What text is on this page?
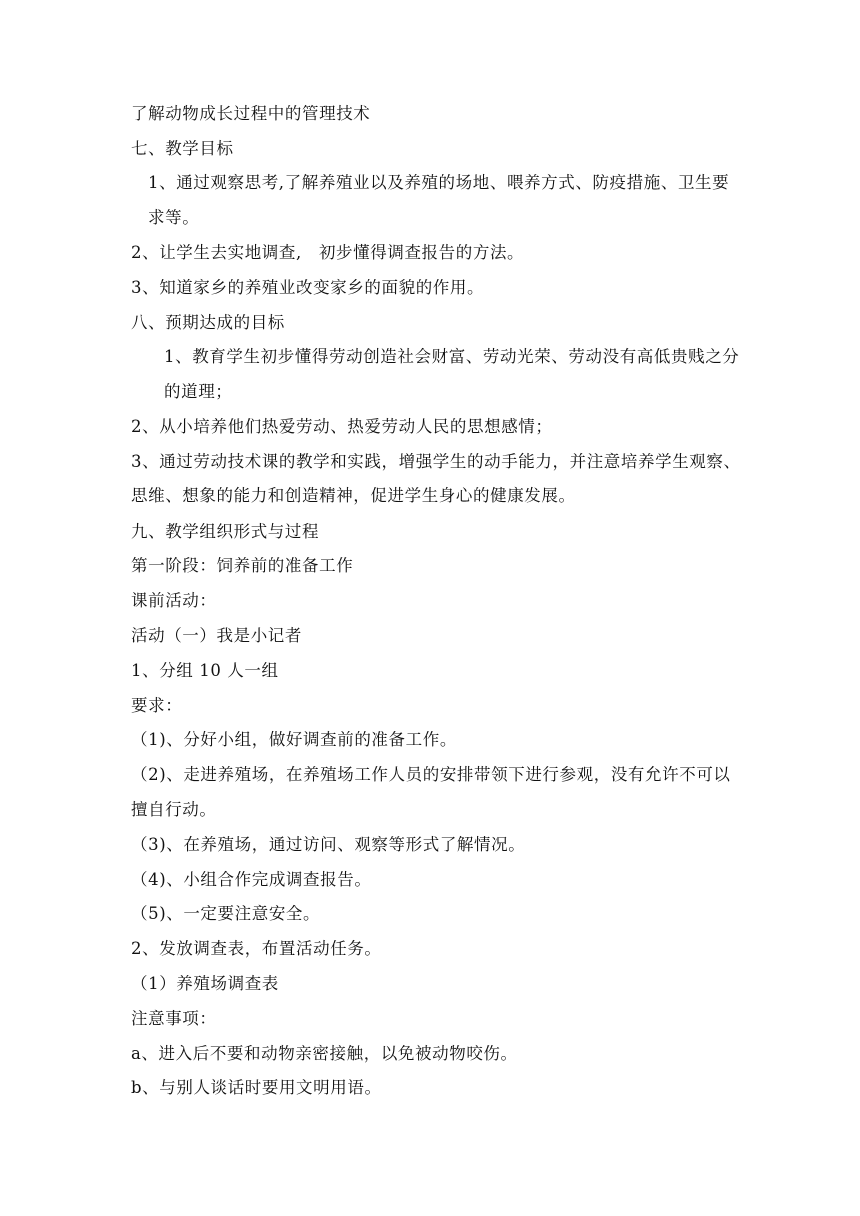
了解动物成长过程中的管理技术

七、教学目标

1、通过观察思考,了解养殖业以及养殖的场地、喂养方式、防疫措施、卫生要　求等。

2、让学生去实地调查,　初步懂得调查报告的方法。

3、知道家乡的养殖业改变家乡的面貌的作用。

八、预期达成的目标

1、教育学生初步懂得劳动创造社会财富、劳动光荣、劳动没有高低贵贱之分的道理；

2、从小培养他们热爱劳动、热爱劳动人民的思想感情；

3、通过劳动技术课的教学和实践，增强学生的动手能力，并注意培养学生观察、思维、想象的能力和创造精神，促进学生身心的健康发展。

九、教学组织形式与过程

第一阶段：饲养前的准备工作

课前活动：

活动（一）我是小记者

1、分组 10 人一组

要求：

（1)、分好小组，做好调查前的准备工作。

（2)、走进养殖场，在养殖场工作人员的安排带领下进行参观，没有允许不可以擅自行动。

（3)、在养殖场，通过访问、观察等形式了解情况。

（4)、小组合作完成调查报告。

（5)、一定要注意安全。

2、发放调查表，布置活动任务。

（1）养殖场调查表

注意事项：

a、进入后不要和动物亲密接触，以免被动物咬伤。

b、与别人谈话时要用文明用语。
